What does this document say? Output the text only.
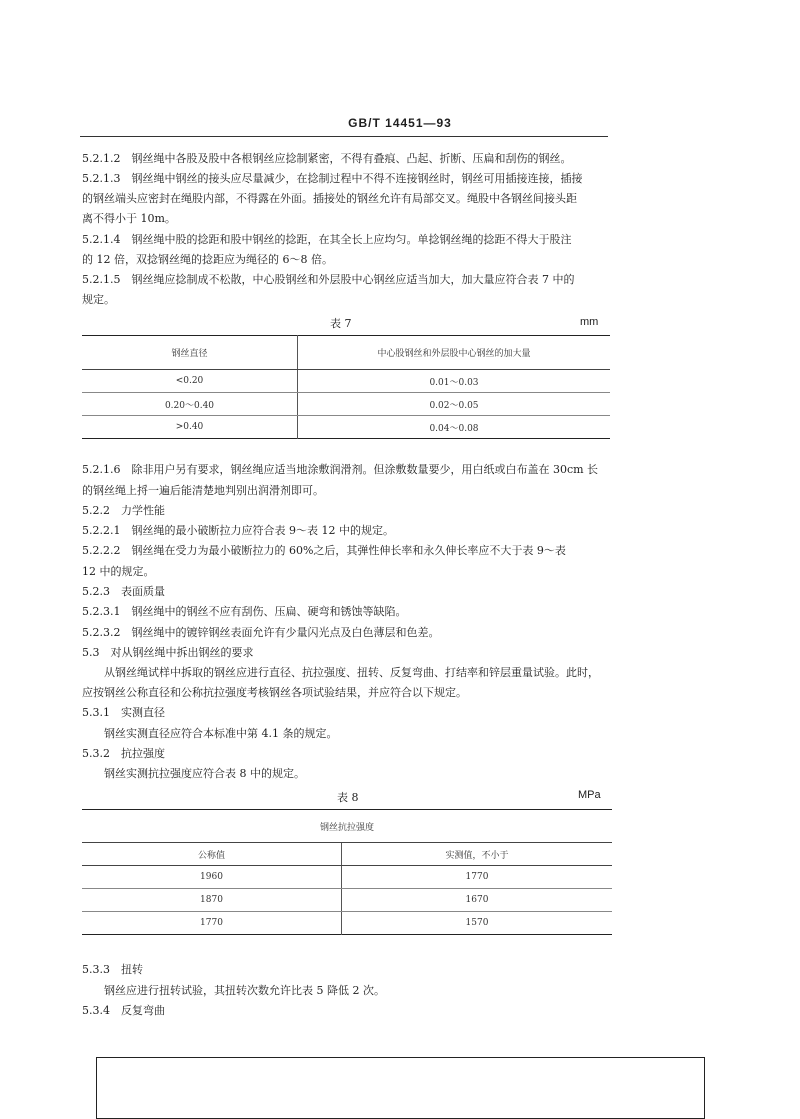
GB/T 14451—93
5.2.1.2　钢丝绳中各股及股中各根钢丝应捻制紧密，不得有叠痕、凸起、折断、压扁和刮伤的钢丝。
5.2.1.3　钢丝绳中钢丝的接头应尽量减少，在捻制过程中不得不连接钢丝时，钢丝可用插接连接，插接
的钢丝端头应密封在绳股内部，不得露在外面。插接处的钢丝允许有局部交叉。绳股中各钢丝间接头距
离不得小于 10m。
5.2.1.4　钢丝绳中股的捻距和股中钢丝的捻距，在其全长上应均匀。单捻钢丝绳的捻距不得大于股注
的 12 倍，双捻钢丝绳的捻距应为绳径的 6～8 倍。
5.2.1.5　钢丝绳应捻制成不松散，中心股钢丝和外层股中心钢丝应适当加大，加大量应符合表 7 中的
规定。
表 7	mm
钢丝直径	中心股钢丝和外层股中心钢丝的加大量
<0.20	0.01～0.03
0.20～0.40	0.02～0.05
>0.40	0.04～0.08
5.2.1.6　除非用户另有要求，钢丝绳应适当地涂敷润滑剂。但涂敷数量要少，用白纸或白布盖在 30cm 长
的钢丝绳上捋一遍后能清楚地判别出润滑剂即可。
5.2.2　力学性能
5.2.2.1　钢丝绳的最小破断拉力应符合表 9～表 12 中的规定。
5.2.2.2　钢丝绳在受力为最小破断拉力的 60%之后，其弹性伸长率和永久伸长率应不大于表 9～表
12 中的规定。
5.2.3　表面质量
5.2.3.1　钢丝绳中的钢丝不应有刮伤、压扁、硬弯和锈蚀等缺陷。
5.2.3.2　钢丝绳中的镀锌钢丝表面允许有少量闪光点及白色薄层和色差。
5.3　对从钢丝绳中拆出钢丝的要求
从钢丝绳试样中拆取的钢丝应进行直径、抗拉强度、扭转、反复弯曲、打结率和锌层重量试验。此时，
应按钢丝公称直径和公称抗拉强度考核钢丝各项试验结果，并应符合以下规定。
5.3.1　实测直径
钢丝实测直径应符合本标准中第 4.1 条的规定。
5.3.2　抗拉强度
钢丝实测抗拉强度应符合表 8 中的规定。
表 8	MPa
钢丝抗拉强度	
公称值	实测值，不小于
1960	1770
1870	1670
1770	1570
5.3.3　扭转
钢丝应进行扭转试验，其扭转次数允许比表 5 降低 2 次。
5.3.4　反复弯曲
